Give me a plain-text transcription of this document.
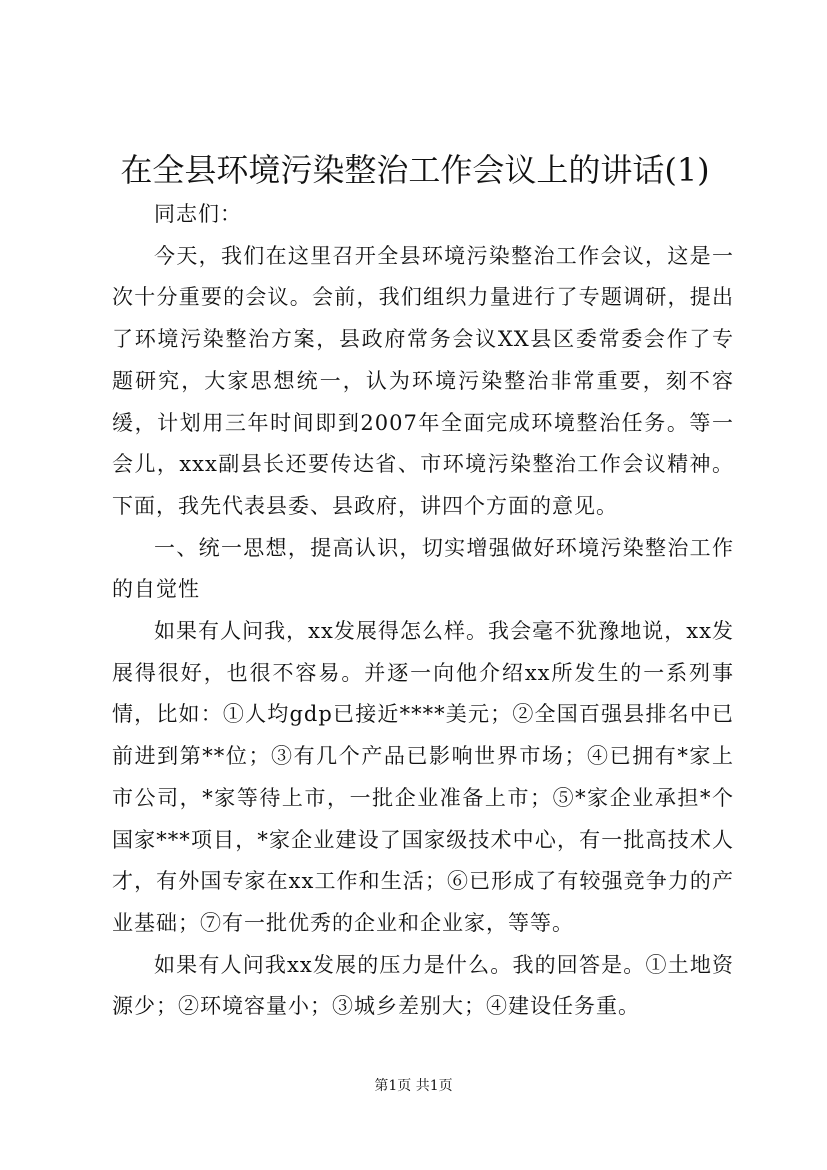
在全县环境污染整治工作会议上的讲话(1)

同志们：

今天，我们在这里召开全县环境污染整治工作会议，这是一次十分重要的会议。会前，我们组织力量进行了专题调研，提出了环境污染整治方案，县政府常务会议XX县区委常委会作了专题研究，大家思想统一，认为环境污染整治非常重要，刻不容缓，计划用三年时间即到2007年全面完成环境整治任务。等一会儿，xxx副县长还要传达省、市环境污染整治工作会议精神。下面，我先代表县委、县政府，讲四个方面的意见。

一、统一思想，提高认识，切实增强做好环境污染整治工作的自觉性

如果有人问我，xx发展得怎么样。我会毫不犹豫地说，xx发展得很好，也很不容易。并逐一向他介绍xx所发生的一系列事情，比如：①人均gdp已接近****美元；②全国百强县排名中已前进到第**位；③有几个产品已影响世界市场；④已拥有*家上市公司，*家等待上市，一批企业准备上市；⑤*家企业承担*个国家***项目，*家企业建设了国家级技术中心，有一批高技术人才，有外国专家在xx工作和生活；⑥已形成了有较强竞争力的产业基础；⑦有一批优秀的企业和企业家，等等。

如果有人问我xx发展的压力是什么。我的回答是。①土地资源少；②环境容量小；③城乡差别大；④建设任务重。

第1页 共1页
